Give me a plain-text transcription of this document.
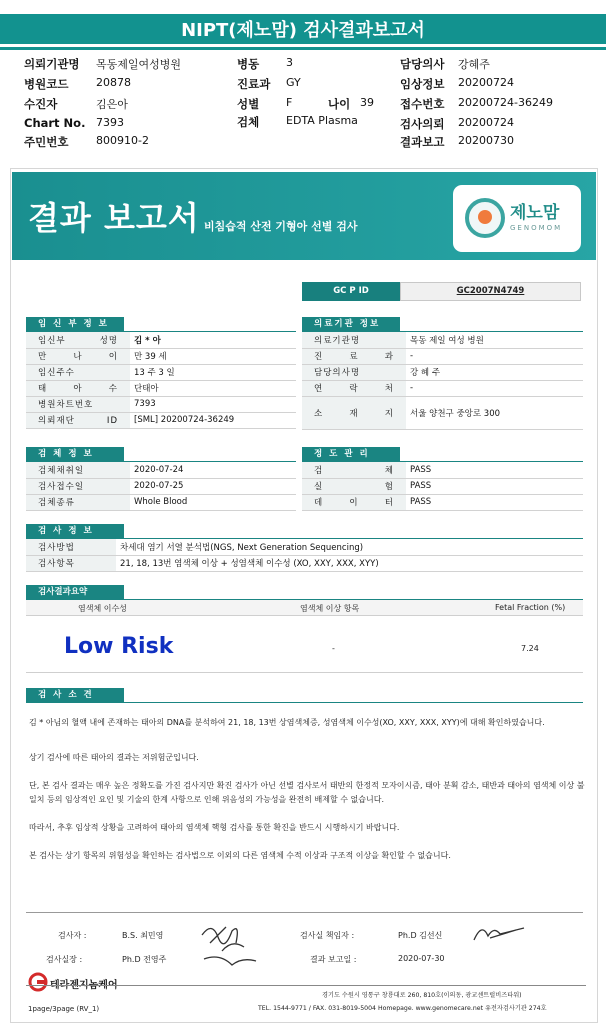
NIPT(제노맘) 검사결과보고서
의뢰기관명 목동제일여성병원
병원코드	20878
수진자	김은아
Chart No. 7393
주민번호	800910-2
병동 3
진료과 GY
성별 F	나이 39
검체 EDTA Plasma
담당의사 강혜주
임상정보 20200724
접수번호 20200724-36249
검사의뢰 20200724
결과보고 20200730
결과 보고서 비침습적 산전 기형아 선별 검사
제노맘
GENOMOM
GC P ID	GC2007N4749
임 신 부 정 보
임신부 성명	김 * 아
만 나 이	만 39 세
임신주수	13 주 3 일
태 아 수	단태아
병원차트번호	7393
의뢰재단 ID	[SML] 20200724-36249
의료기관 정보
의료기관명	목동 제일 여성 병원
진 료 과	-
담당의사명	강 혜 주
연 락 처	-
소 재 지	서울 양천구 중앙로 300
검 체 정 보
검체채취일	2020-07-24
검사접수일	2020-07-25
검체종류	Whole Blood
정 도 관 리
검 체	PASS
실 험	PASS
데 이 터	PASS
검 사 정 보
검사방법	차세대 염기 서열 분석법(NGS, Next Generation Sequencing)
검사항목	21, 18, 13번 염색체 이상 + 성염색체 이수성 (XO, XXY, XXX, XYY)
검사결과요약
염색체 이수성	염색체 이상 항목	Fetal Fraction (%)
Low Risk	-	7.24
검 사 소 견

김 * 아님의 혈액 내에 존재하는 태아의 DNA를 분석하여 21, 18, 13번 상염색체증, 성염색체 이수성(XO, XXY, XXX, XYY)에 대해 확인하였습니다.

상기 검사에 따른 태아의 결과는 저위험군입니다.

단, 본 검사 결과는 매우 높은 정확도를 가진 검사지만 확진 검사가 아닌 선별 검사로서 태반의 한정적 모자이시즘, 태아 분획 감소, 태반과 태아의 염색체 이상 불일치 등의 임상적인 요인 및 기술의 한계 사항으로 인해 위음성의 가능성을 완전히 배제할 수 없습니다.

따라서, 추후 임상적 상황을 고려하여 태아의 염색체 핵형 검사를 통한 확진을 반드시 시행하시기 바랍니다.

본 검사는 상기 항목의 위험성을 확인하는 검사법으로 이외의 다른 염색체 수적 이상과 구조적 이상을 확인할 수 없습니다.

검사자 :	B.S. 최민영
검사실장 :	Ph.D 전영주
검사실 책임자 :	Ph.D 김선신
결과 보고일 :	2020-07-30
경기도 수원시 영통구 창룡대로 260, 810호(이의동, 광교센트럴비즈타워)
TEL. 1544-9771 / FAX. 031-8019-5004 Homepage. www.genomecare.net 유전자검사기관 274호
1page/3page (RV_1)
